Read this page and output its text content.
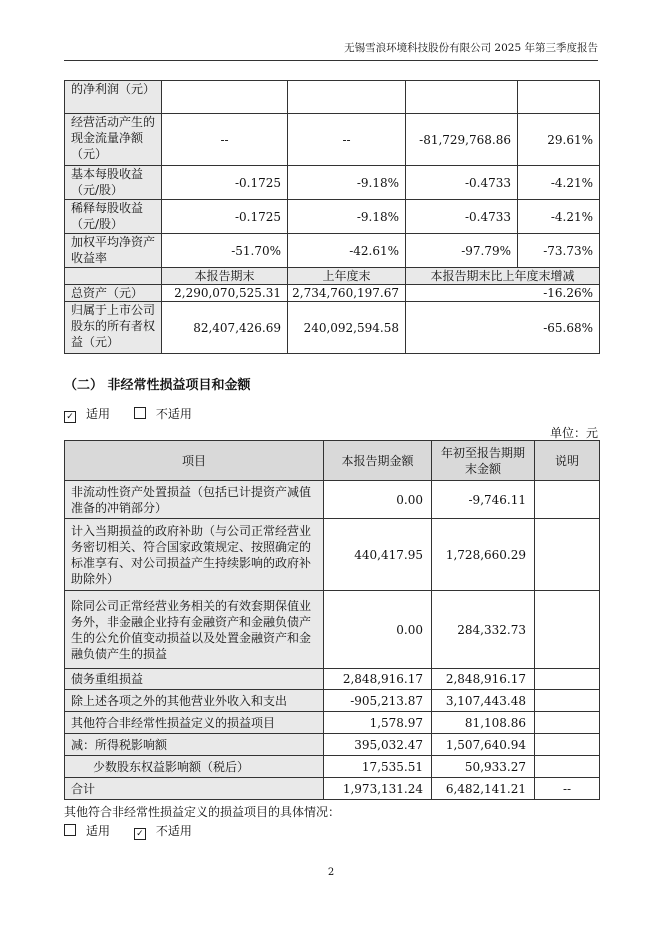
无锡雪浪环境科技股份有限公司 2025 年第三季度报告
的净利润（元）				
经营活动产生的现金流量净额（元）	--	--	-81,729,768.86	29.61%
基本每股收益（元/股）	-0.1725	-9.18%	-0.4733	-4.21%
稀释每股收益（元/股）	-0.1725	-9.18%	-0.4733	-4.21%
加权平均净资产收益率	-51.70%	-42.61%	-97.79%	-73.73%
	本报告期末	上年度末	本报告期末比上年度末增减	
总资产（元）	2,290,070,525.31	2,734,760,197.67	-16.26%	
归属于上市公司股东的所有者权益（元）	82,407,426.69	240,092,594.58	-65.68%	
（二） 非经常性损益项目和金额
✓ 适用	不适用
单位：元
项目	本报告期金额	年初至报告期期末金额	说明
非流动性资产处置损益（包括已计提资产减值准备的冲销部分）	0.00	-9,746.11	
计入当期损益的政府补助（与公司正常经营业务密切相关、符合国家政策规定、按照确定的标准享有、对公司损益产生持续影响的政府补助除外）	440,417.95	1,728,660.29	
除同公司正常经营业务相关的有效套期保值业务外，非金融企业持有金融资产和金融负债产生的公允价值变动损益以及处置金融资产和金融负债产生的损益	0.00	284,332.73	
债务重组损益	2,848,916.17	2,848,916.17	
除上述各项之外的其他营业外收入和支出	-905,213.87	3,107,443.48	
其他符合非经常性损益定义的损益项目	1,578.97	81,108.86	
减：所得税影响额	395,032.47	1,507,640.94	
少数股东权益影响额（税后）	17,535.51	50,933.27	
合计	1,973,131.24	6,482,141.21	--
其他符合非经常性损益定义的损益项目的具体情况：
适用	✓ 不适用
2
